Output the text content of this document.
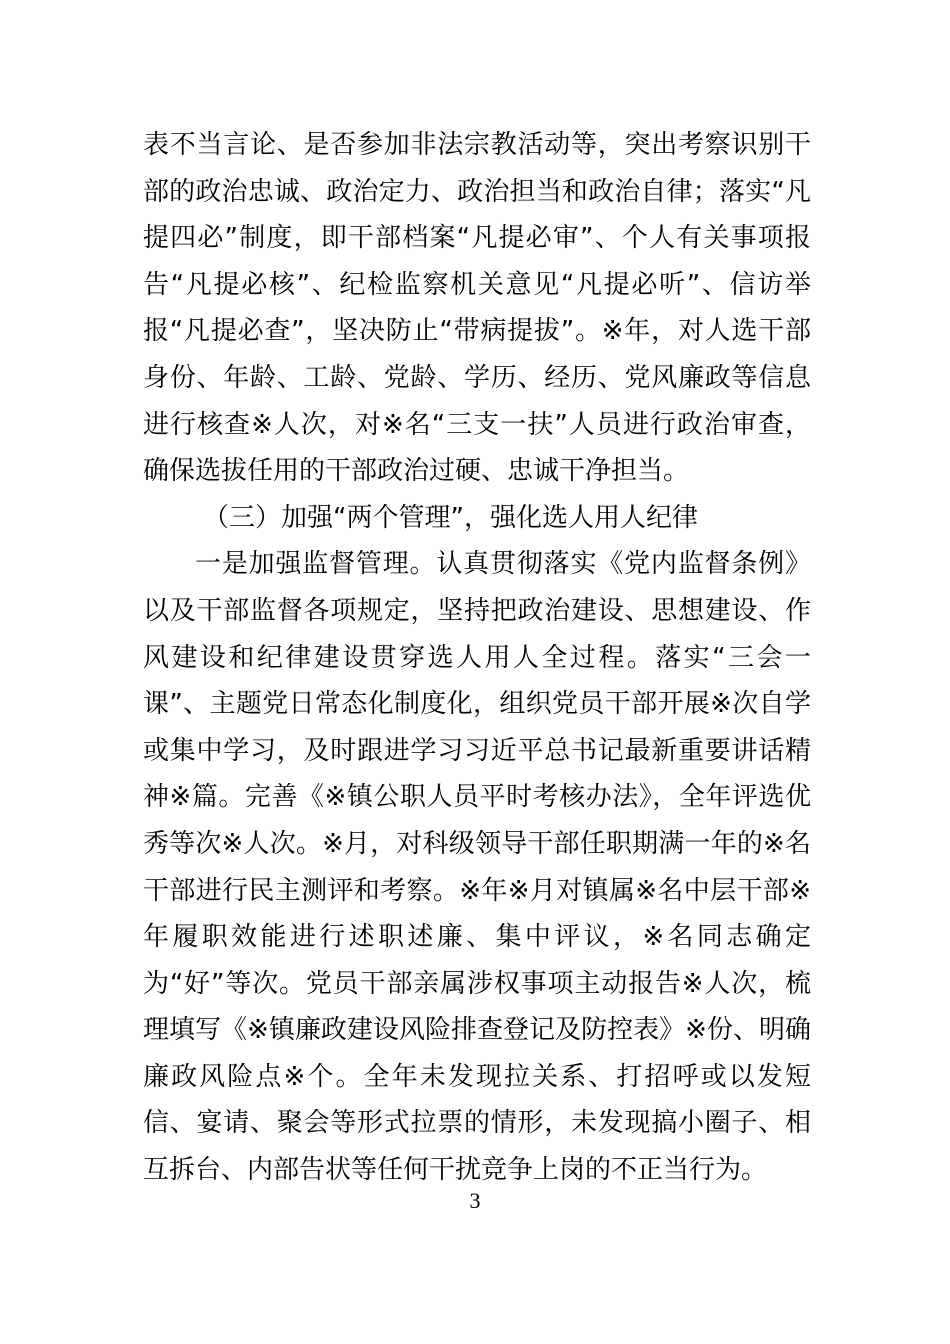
表不当言论、是否参加非法宗教活动等，突出考察识别干部的政治忠诚、政治定力、政治担当和政治自律；落实“凡提四必”制度，即干部档案“凡提必审”、个人有关事项报告“凡提必核”、纪检监察机关意见“凡提必听”、信访举报“凡提必查”，坚决防止“带病提拔”。※年，对人选干部身份、年龄、工龄、党龄、学历、经历、党风廉政等信息进行核查※人次，对※名“三支一扶”人员进行政治审查，确保选拔任用的干部政治过硬、忠诚干净担当。

（三）加强“两个管理”，强化选人用人纪律

一是加强监督管理。认真贯彻落实《党内监督条例》以及干部监督各项规定，坚持把政治建设、思想建设、作风建设和纪律建设贯穿选人用人全过程。落实“三会一课”、主题党日常态化制度化，组织党员干部开展※次自学或集中学习，及时跟进学习习近平总书记最新重要讲话精神※篇。完善《※镇公职人员平时考核办法》，全年评选优秀等次※人次。※月，对科级领导干部任职期满一年的※名干部进行民主测评和考察。※年※月对镇属※名中层干部※年履职效能进行述职述廉、集中评议，※名同志确定为“好”等次。党员干部亲属涉权事项主动报告※人次，梳理填写《※镇廉政建设风险排查登记及防控表》※份、明确廉政风险点※个。全年未发现拉关系、打招呼或以发短信、宴请、聚会等形式拉票的情形，未发现搞小圈子、相互拆台、内部告状等任何干扰竞争上岗的不正当行为。

3
